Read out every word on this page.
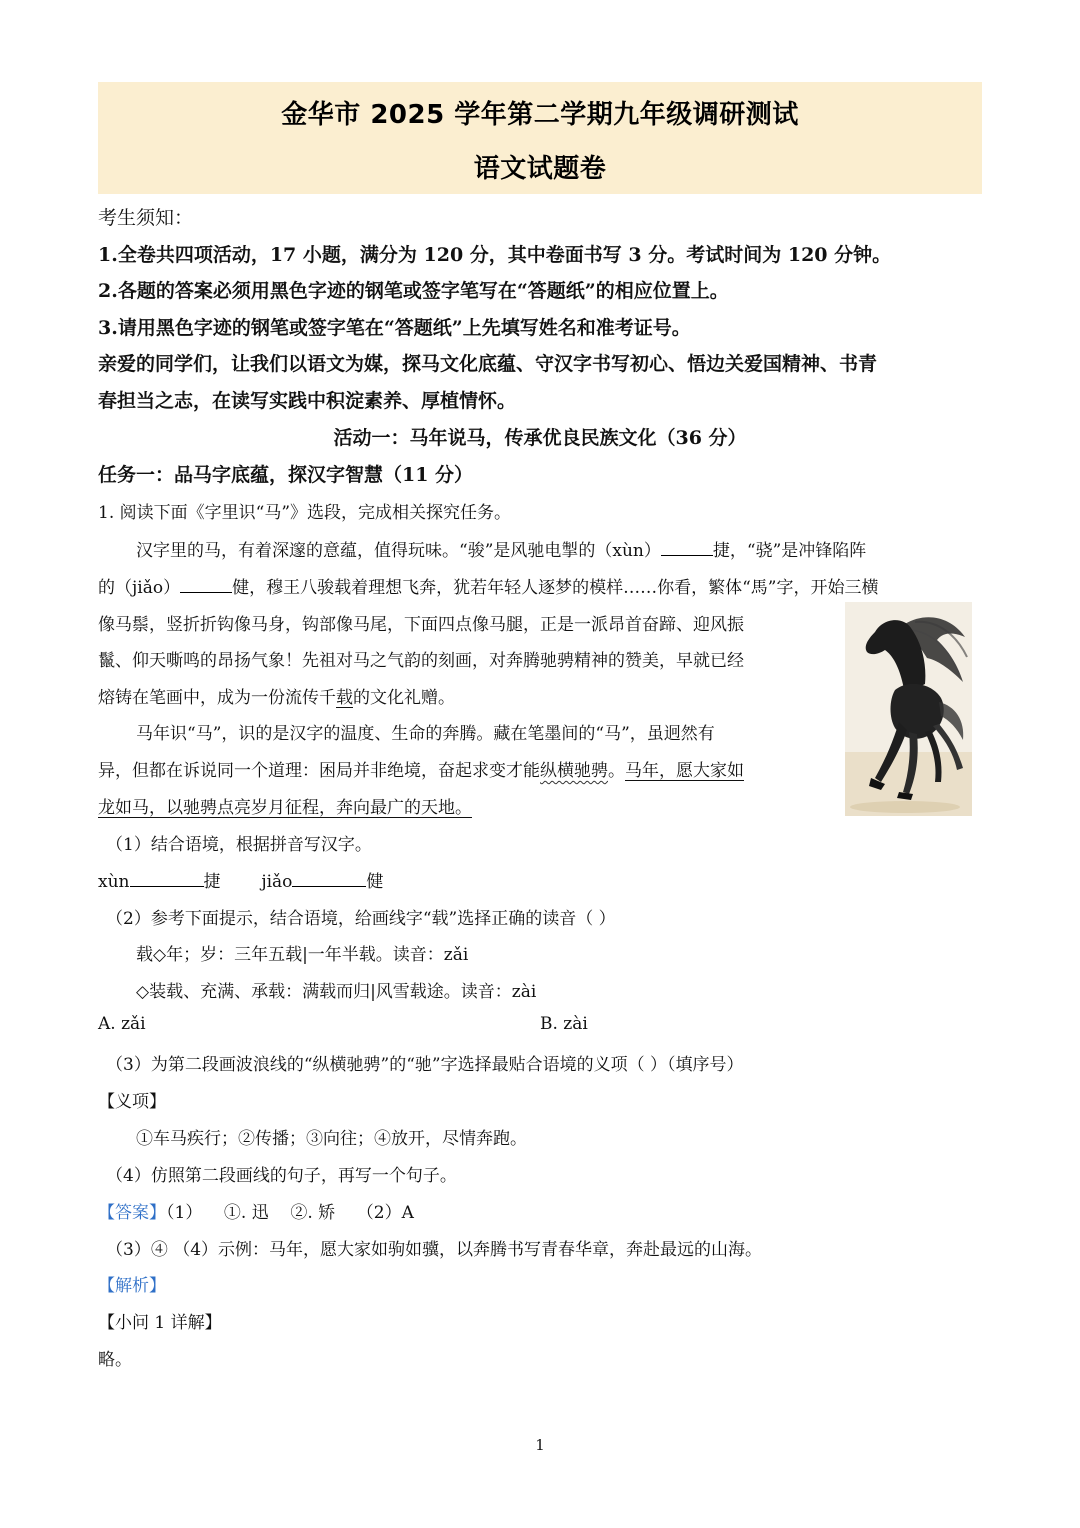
金华市 2025 学年第二学期九年级调研测试
语文试题卷
考生须知：
1.全卷共四项活动，17 小题，满分为 120 分，其中卷面书写 3 分。考试时间为 120 分钟。
2.各题的答案必须用黑色字迹的钢笔或签字笔写在“答题纸”的相应位置上。
3.请用黑色字迹的钢笔或签字笔在“答题纸”上先填写姓名和准考证号。
亲爱的同学们，让我们以语文为媒，探马文化底蕴、守汉字书写初心、悟边关爱国精神、书青
春担当之志，在读写实践中积淀素养、厚植情怀。
活动一：马年说马，传承优良民族文化（36 分）
任务一：品马字底蕴，探汉字智慧（11 分）
1. 阅读下面《字里识“马”》选段，完成相关探究任务。
汉字里的马，有着深邃的意蕴，值得玩味。“骏”是风驰电掣的（xùn）	捷，“骁”是冲锋陷阵
的（jiǎo）	健，穆王八骏载着理想飞奔，犹若年轻人逐梦的模样……你看，繁体“馬”字，开始三横
像马鬃，竖折折钩像马身，钩部像马尾，下面四点像马腿，正是一派昂首奋蹄、迎风振
鬣、仰天嘶鸣的昂扬气象！先祖对马之气韵的刻画，对奔腾驰骋精神的赞美，早就已经
熔铸在笔画中，成为一份流传千载的文化礼赠。
马年识“马”，识的是汉字的温度、生命的奔腾。藏在笔墨间的“马”，虽迥然有
异，但都在诉说同一个道理：困局并非绝境，奋起求变才能纵横驰骋。马年，愿大家如
龙如马，以驰骋点亮岁月征程，奔向最广的天地。
（1）结合语境，根据拼音写汉字。
xùn	捷 jiǎo	健
（2）参考下面提示，结合语境，给画线字“载”选择正确的读音（ ）
载◇年；岁：三年五载|一年半载。读音：zǎi
◇装载、充满、承载：满载而归|风雪载途。读音：zài
A. zǎi	B. zài
（3）为第二段画波浪线的“纵横驰骋”的“驰”字选择最贴合语境的义项（ ）（填序号）
【义项】
①车马疾行；②传播；③向往；④放开，尽情奔跑。
（4）仿照第二段画线的句子，再写一个句子。
【答案】（1）    ①. 迅    ②. 矫    （2）A
（3）④ （4）示例：马年，愿大家如驹如骥，以奔腾书写青春华章，奔赴最远的山海。
【解析】
【小问 1 详解】
略。
1
